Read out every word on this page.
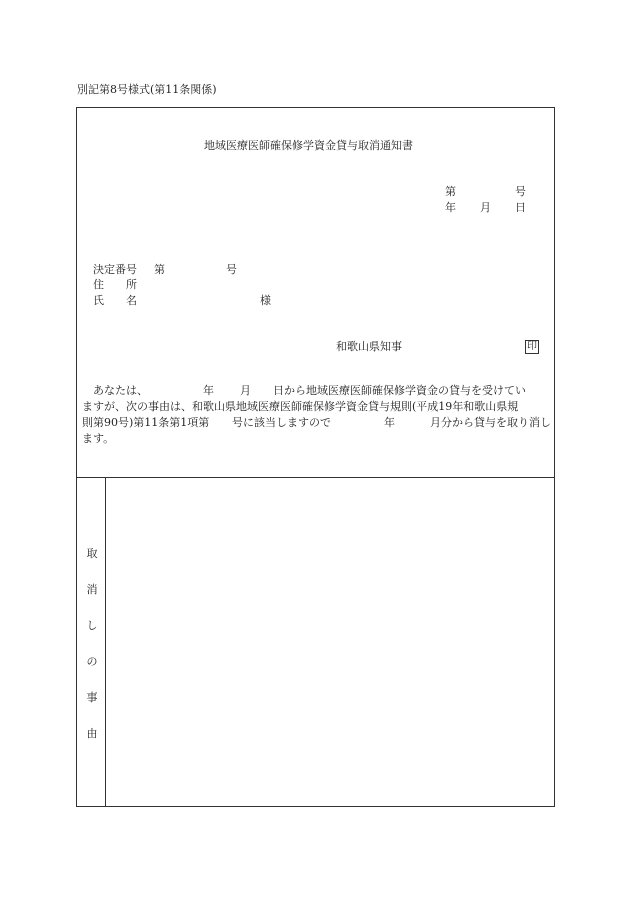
別記第8号様式(第11条関係)
地域医療医師確保修学資金貸与取消通知書
第	号
年 月 日
決定番号 第	号
住　　所
氏　　名	様
和歌山県知事	印
あなたは、	年 月 日から地域医療医師確保修学資金の貸与を受けてい
ますが、次の事由は、和歌山県地域医療医師確保修学資金貸与規則(平成19年和歌山県規
則第90号)第11条第1項第 号に該当しますので	年	月分から貸与を取り消し
ます。
取
消
し
の
事
由
